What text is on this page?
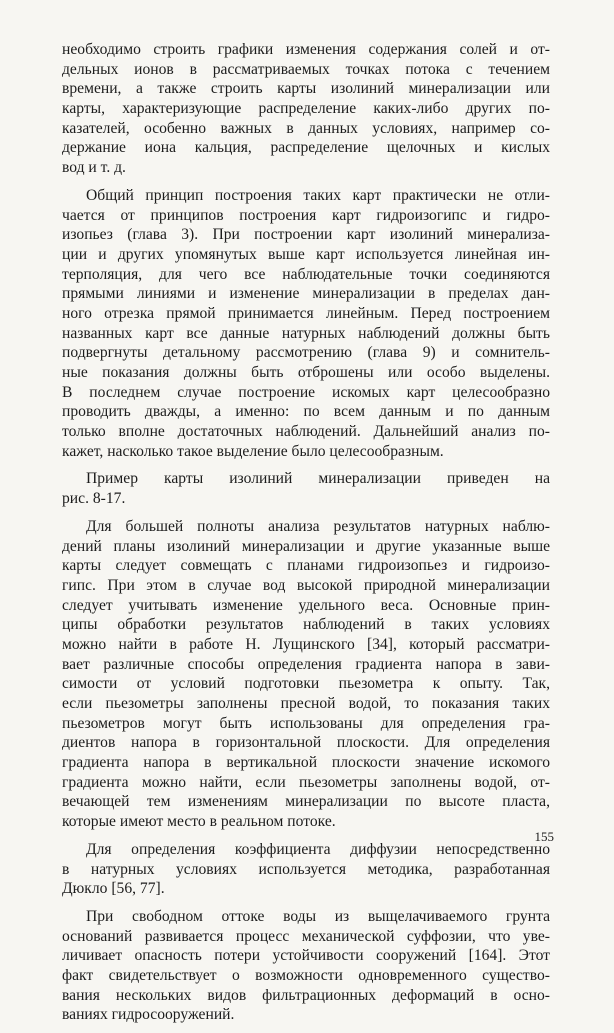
необходимо строить графики изменения содержания солей и от-
дельных ионов в рассматриваемых точках потока с течением
времени, а также строить карты изолиний минерализации или
карты, характеризующие распределение каких-либо других по-
казателей, особенно важных в данных условиях, например со-
держание иона кальция, распределение щелочных и кислых
вод и т. д.
Общий принцип построения таких карт практически не отли-
чается от принципов построения карт гидроизогипс и гидро-
изопьез (глава 3). При построении карт изолиний минерализа-
ции и других упомянутых выше карт используется линейная ин-
терполяция, для чего все наблюдательные точки соединяются
прямыми линиями и изменение минерализации в пределах дан-
ного отрезка прямой принимается линейным. Перед построением
названных карт все данные натурных наблюдений должны быть
подвергнуты детальному рассмотрению (глава 9) и сомнитель-
ные показания должны быть отброшены или особо выделены.
В последнем случае построение искомых карт целесообразно
проводить дважды, а именно: по всем данным и по данным
только вполне достаточных наблюдений. Дальнейший анализ по-
кажет, насколько такое выделение было целесообразным.
Пример карты изолиний минерализации приведен на
рис. 8-17.
Для большей полноты анализа результатов натурных наблю-
дений планы изолиний минерализации и другие указанные выше
карты следует совмещать с планами гидроизопьез и гидроизо-
гипс. При этом в случае вод высокой природной минерализации
следует учитывать изменение удельного веса. Основные прин-
ципы обработки результатов наблюдений в таких условиях
можно найти в работе Н. Лущинского [34], который рассматри-
вает различные способы определения градиента напора в зави-
симости от условий подготовки пьезометра к опыту. Так,
если пьезометры заполнены пресной водой, то показания таких
пьезометров могут быть использованы для определения гра-
диентов напора в горизонтальной плоскости. Для определения
градиента напора в вертикальной плоскости значение искомого
градиента можно найти, если пьезометры заполнены водой, от-
вечающей тем изменениям минерализации по высоте пласта,
которые имеют место в реальном потоке.
Для определения коэффициента диффузии непосредственно
в натурных условиях используется методика, разработанная
Дюкло [56, 77].
При свободном оттоке воды из выщелачиваемого грунта
оснований развивается процесс механической суффозии, что уве-
личивает опасность потери устойчивости сооружений [164]. Этот
факт свидетельствует о возможности одновременного существо-
вания нескольких видов фильтрационных деформаций в осно-
ваниях гидросооружений.
155
